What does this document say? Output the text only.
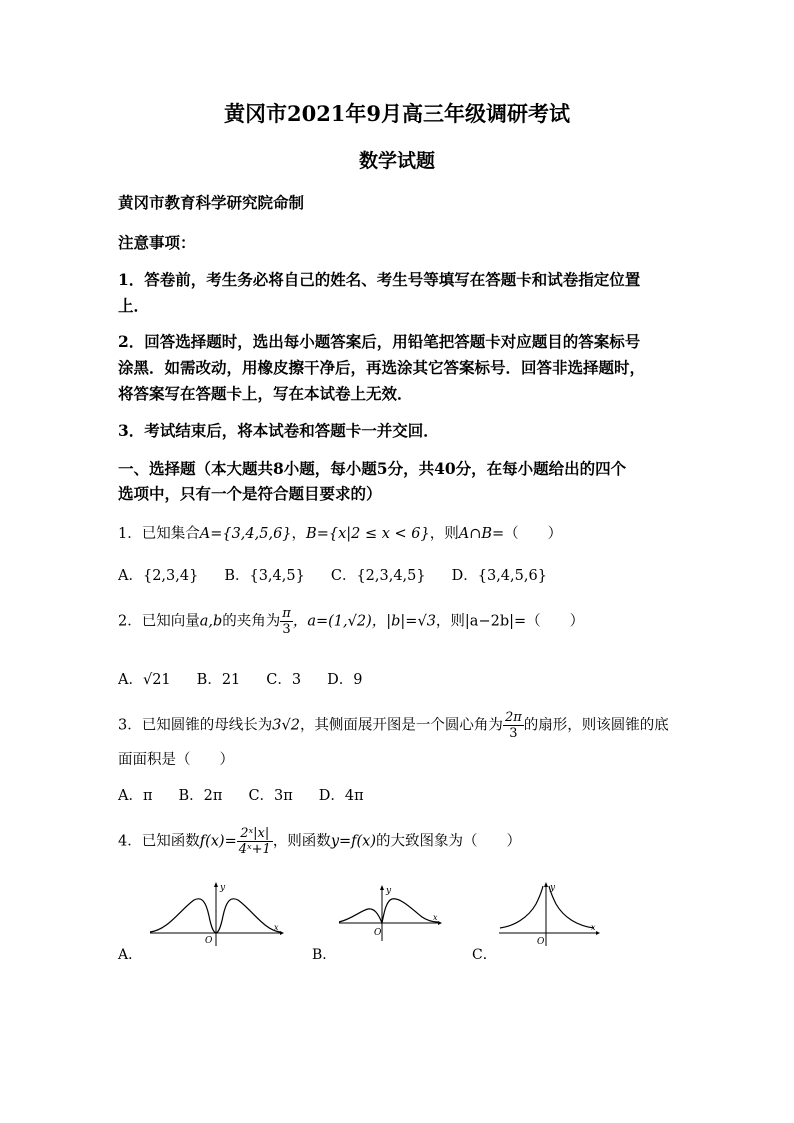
黄冈市2021年9月高三年级调研考试
数学试题
黄冈市教育科学研究院命制
注意事项：
1．答卷前，考生务必将自己的姓名、考生号等填写在答题卡和试卷指定位置
上．
2．回答选择题时，选出每小题答案后，用铅笔把答题卡对应题目的答案标号
涂黑．如需改动，用橡皮擦干净后，再选涂其它答案标号．回答非选择题时，
将答案写在答题卡上，写在本试卷上无效．
3．考试结束后，将本试卷和答题卡一并交回．
一、选择题（本大题共8小题，每小题5分，共40分，在每小题给出的四个
选项中，只有一个是符合题目要求的）
1．已知集合A={3,4,5,6}，B={x|2 ≤ x < 6}，则A∩B=（　　）
A．{2,3,4} B．{3,4,5} C．{2,3,4,5} D．{3,4,5,6}
2．已知向量a,b的夹角为 $\frac{\pi}{3}$ ，a=(1,√2)，|b|=√3，则|a−2b|=（　　）
A．√21 B．21 C．3 D．9
3．已知圆锥的母线长为3√2，其侧面展开图是一个圆心角为 $\frac{2\pi}{3}$ 的扇形，则该圆锥的底
面面积是（　　）
A．π B．2π C．3π D．4π
4．已知函数$f(x)= \frac{\text{2ˣ|x|}}{\text{4ˣ+1}}$ ，则函数y=f(x)的大致图象为（　　）
A．
y
x
O
B．
y
x
O
C．
y
x
O
